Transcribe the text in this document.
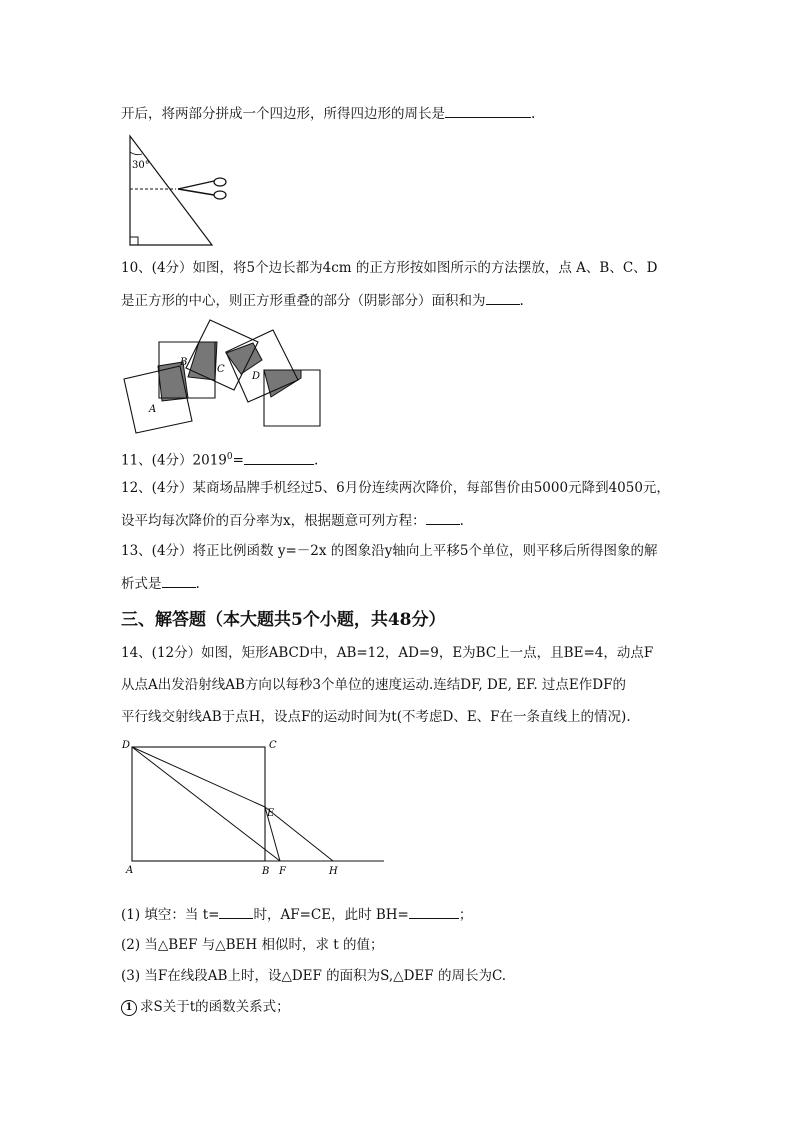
开后，将两部分拼成一个四边形，所得四边形的周长是	.
30°
10、(4分）如图，将5个边长都为4cm 的正方形按如图所示的方法摆放，点 A、B、C、D
是正方形的中心，则正方形重叠的部分（阴影部分）面积和为	.
A
B
C
D
11、(4分）$2019^0=$	.
12、(4分）某商场品牌手机经过5、6月份连续两次降价，每部售价由5000元降到4050元，
设平均每次降价的百分率为x，根据题意可列方程：	.
13、(4分）将正比例函数 y=－2x 的图象沿y轴向上平移5个单位，则平移后所得图象的解
析式是	.
三、解答题（本大题共5个小题，共48分）
14、(12分）如图，矩形ABCD中，AB=12，AD=9，E为BC上一点，且BE=4，动点F
从点A出发沿射线AB方向以每秒3个单位的速度运动.连结DF, DE, EF. 过点E作DF的
平行线交射线AB于点H，设点F的运动时间为t(不考虑D、E、F在一条直线上的情况).
D	C
E
A	B F	H
(1) 填空：当 t=	时，AF=CE，此时 BH=	；
(2) 当△BEF 与△BEH 相似时，求 t 的值；
(3) 当F在线段AB上时，设△DEF 的面积为S,△DEF 的周长为C.
1 求S关于t的函数关系式；
